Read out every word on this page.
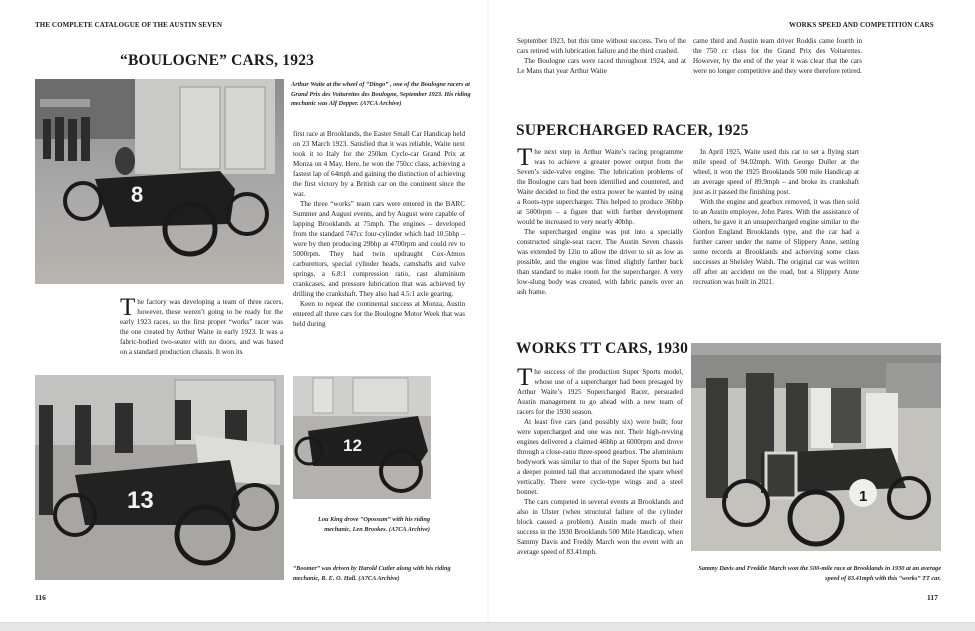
THE COMPLETE CATALOGUE OF THE AUSTIN SEVEN
“BOULOGNE” CARS, 1923
8
Arthur Waite at the wheel of “Dingo” , one of the Boulogne racers at Grand Prix des Voiturettes des Boulogne, September 1923. His riding mechanic was Alf Depper. (A7CA Archive)

The factory was developing a team of three racers, however, these weren’t going to be ready for the early 1923 races, so the first proper “works” racer was the one created by Arthur Waite in early 1923. It was a fabric-bodied two-seater with no doors, and was based on a standard production chassis. It won its

first race at Brooklands, the Easter Small Car Handicap held on 23 March 1923. Satisfied that it was reliable, Waite next took it to Italy for the 250km Cycle-car Grand Prix at Monza on 4 May. Here, he won the 750cc class, achieving a fastest lap of 64mph and gaining the distinction of achieving the first victory by a British car on the continent since the war.

The three “works” team cars were entered in the BARC Summer and August events, and by August were capable of lapping Brooklands at 75mph. The engines – developed from the standard 747cc four-cylinder which had 10.5bhp – were by then producing 29bhp at 4700rpm and could rev to 5000rpm. They had twin updraught Cox-Atmos carburettors, special cylinder heads, camshafts and valve springs, a 6.8:1 compression ratio, cast aluminium crankcases, and pressure lubrication that was achieved by drilling the crankshaft. They also had 4.5:1 axle gearing.

Keen to repeat the continental success at Monza, Austin entered all three cars for the Boulogne Motor Week that was held during

13
12
Lou King drove “Opossum” with his riding mechanic, Len Brookes. (A7CA Archive)
“Boomer” was driven by Harold Cutler along with his riding mechanic, R. E. O. Hall. (A7CA Archive)
116
WORKS SPEED AND COMPETITION CARS

September 1923, but this time without success. Two of the cars retired with lubrication failure and the third crashed.

The Boulogne cars were raced throughout 1924, and at Le Mans that year Arthur Waite

came third and Austin team driver Roddis came fourth in the 750 cc class for the Grand Prix des Voitarettes. However, by the end of the year it was clear that the cars were no longer competitive and they were therefore retired.

SUPERCHARGED RACER, 1925

The next step in Arthur Waite’s racing programme was to achieve a greater power output from the Seven’s side-valve engine. The lubrication problems of the Boulogne cars had been identified and countered, and Waite decided to find the extra power he wanted by using a Roots-type supercharger. This helped to produce 36bhp at 5000rpm – a figure that with further development would be increased to very nearly 40bhp.

The supercharged engine was put into a specially constructed single-seat racer. The Austin Seven chassis was extended by 12in to allow the driver to sit as low as possible, and the engine was fitted slightly farther back than standard to make room for the supercharger. A very low-slung body was created, with fabric panels over an ash frame.

In April 1925, Waite used this car to set a flying start mile speed of 94.02mph. With George Duller at the wheel, it won the 1925 Brooklands 500 mile Handicap at an average speed of 89.9mph – and broke its crankshaft just as it passed the finishing post.

With the engine and gearbox removed, it was then sold to an Austin employee, John Pares. With the assistance of others, he gave it an unsupercharged engine similar to the Gordon England Brooklands type, and the car had a further career under the name of Slippery Anne, setting some records at Brooklands and achieving some class successes at Shelsley Walsh. The original car was written off after an accident on the road, but a Slippery Anne recreation was built in 2021.

WORKS TT CARS, 1930

The success of the production Super Sports model, whose use of a supercharger had been presaged by Arthur Waite’s 1925 Supercharged Racer, persuaded Austin management to go ahead with a new team of racers for the 1930 season.

At least five cars (and possibly six) were built; four were supercharged and one was not. Their high-revving engines delivered a claimed 46bhp at 6000rpm and drove through a close-ratio three-speed gearbox. The aluminium bodywork was similar to that of the Super Sports but had a deeper pointed tail that accommodated the spare wheel vertically. There were cycle-type wings and a steel bonnet.

The cars competed in several events at Brooklands and also in Ulster (when structural failure of the cylinder block caused a problem). Austin made much of their success in the 1930 Brooklands 500 Mile Handicap, when Sammy Davis and Freddy March won the event with an average speed of 83.41mph.

1
Sammy Davis and Freddie March won the 500-mile race at Brooklands in 1930 at an average speed of 83.41mph with this “works” TT car.
117
